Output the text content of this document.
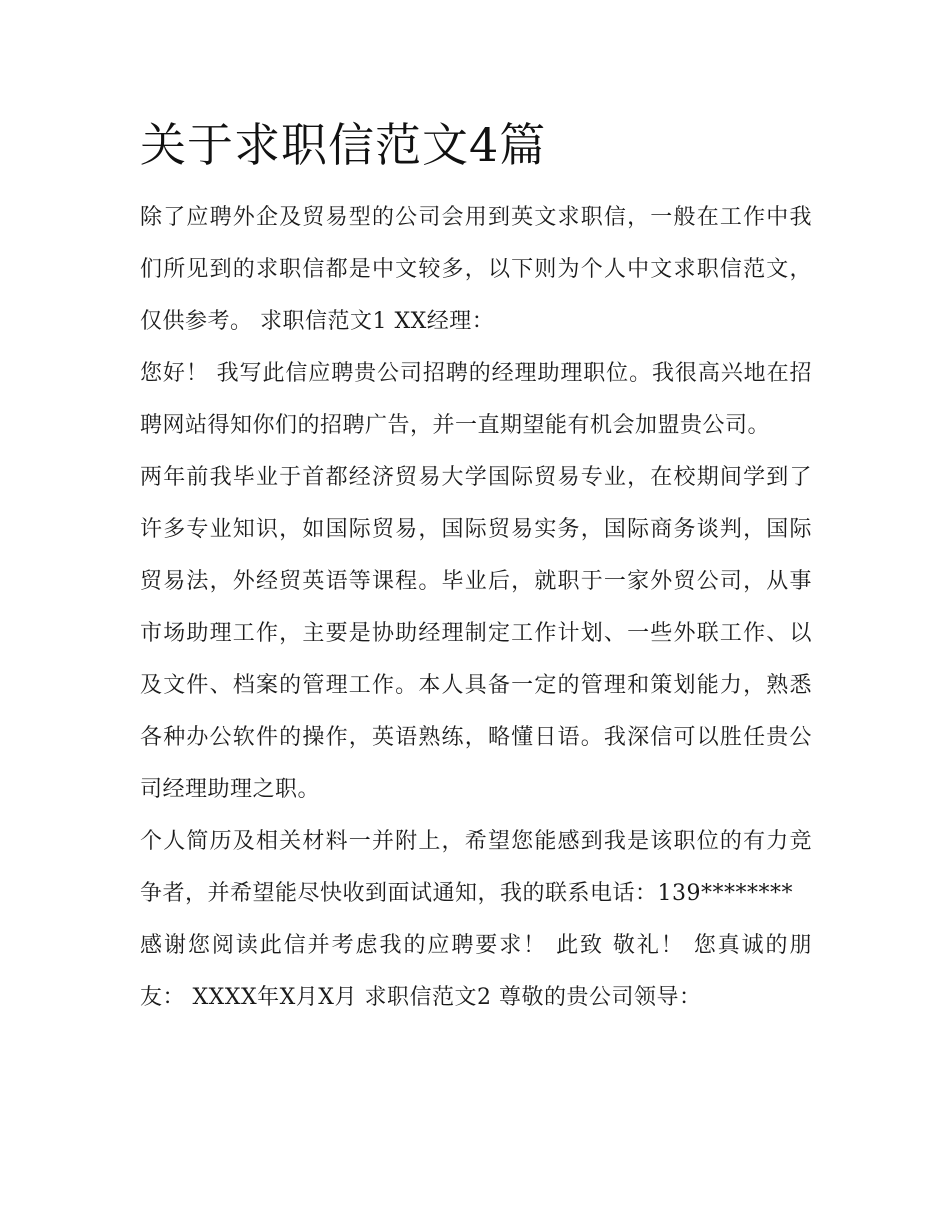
关于求职信范文4篇

除了应聘外企及贸易型的公司会用到英文求职信，一般在工作中我们所见到的求职信都是中文较多，以下则为个人中文求职信范文，仅供参考。 求职信范文1 XX经理：

您好！ 我写此信应聘贵公司招聘的经理助理职位。我很高兴地在招聘网站得知你们的招聘广告，并一直期望能有机会加盟贵公司。

两年前我毕业于首都经济贸易大学国际贸易专业，在校期间学到了许多专业知识，如国际贸易，国际贸易实务，国际商务谈判，国际贸易法，外经贸英语等课程。毕业后，就职于一家外贸公司，从事市场助理工作，主要是协助经理制定工作计划、一些外联工作、以及文件、档案的管理工作。本人具备一定的管理和策划能力，熟悉各种办公软件的操作，英语熟练，略懂日语。我深信可以胜任贵公司经理助理之职。

个人简历及相关材料一并附上，希望您能感到我是该职位的有力竞争者，并希望能尽快收到面试通知，我的联系电话：139********

感谢您阅读此信并考虑我的应聘要求！ 此致 敬礼！ 您真诚的朋友： XXXX年X月X月 求职信范文2 尊敬的贵公司领导：
